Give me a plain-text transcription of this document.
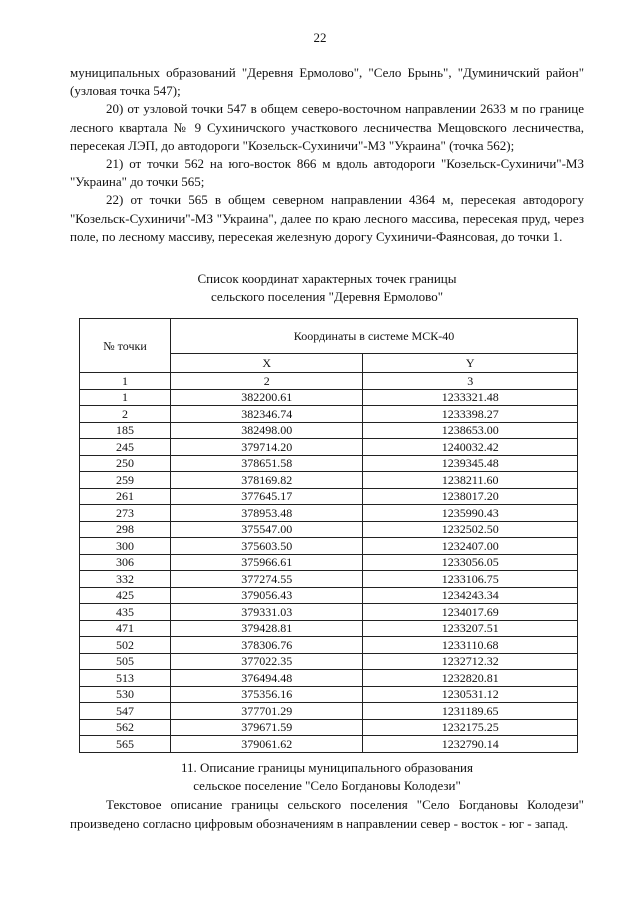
22

муниципальных образований "Деревня Ермолово", "Село Брынь", "Думиничский район" (узловая точка 547);

20) от узловой точки 547 в общем северо-восточном направлении 2633 м по границе лесного квартала № 9 Сухиничского участкового лесничества Мещовского лесничества, пересекая ЛЭП, до автодороги "Козельск-Сухиничи"-МЗ "Украина" (точка 562);

21) от точки 562 на юго-восток 866 м вдоль автодороги "Козельск-Сухиничи"-МЗ "Украина" до точки 565;

22) от точки 565 в общем северном направлении 4364 м, пересекая автодорогу "Козельск-Сухиничи"-МЗ "Украина", далее по краю лесного массива, пересекая пруд, через поле, по лесному массиву, пересекая железную дорогу Сухиничи-Фаянсовая, до точки 1.

Список координат характерных точек границы
сельского поселения "Деревня Ермолово"
№ точки	Координаты в системе МСК-40	
	X	Y
1	2	3
1	382200.61	1233321.48
2	382346.74	1233398.27
185	382498.00	1238653.00
245	379714.20	1240032.42
250	378651.58	1239345.48
259	378169.82	1238211.60
261	377645.17	1238017.20
273	378953.48	1235990.43
298	375547.00	1232502.50
300	375603.50	1232407.00
306	375966.61	1233056.05
332	377274.55	1233106.75
425	379056.43	1234243.34
435	379331.03	1234017.69
471	379428.81	1233207.51
502	378306.76	1233110.68
505	377022.35	1232712.32
513	376494.48	1232820.81
530	375356.16	1230531.12
547	377701.29	1231189.65
562	379671.59	1232175.25
565	379061.62	1232790.14
11. Описание границы муниципального образования
сельское поселение "Село Богдановы Колодези"

Текстовое описание границы сельского поселения "Село Богдановы Колодези" произведено согласно цифровым обозначениям в направлении север - восток - юг - запад.
